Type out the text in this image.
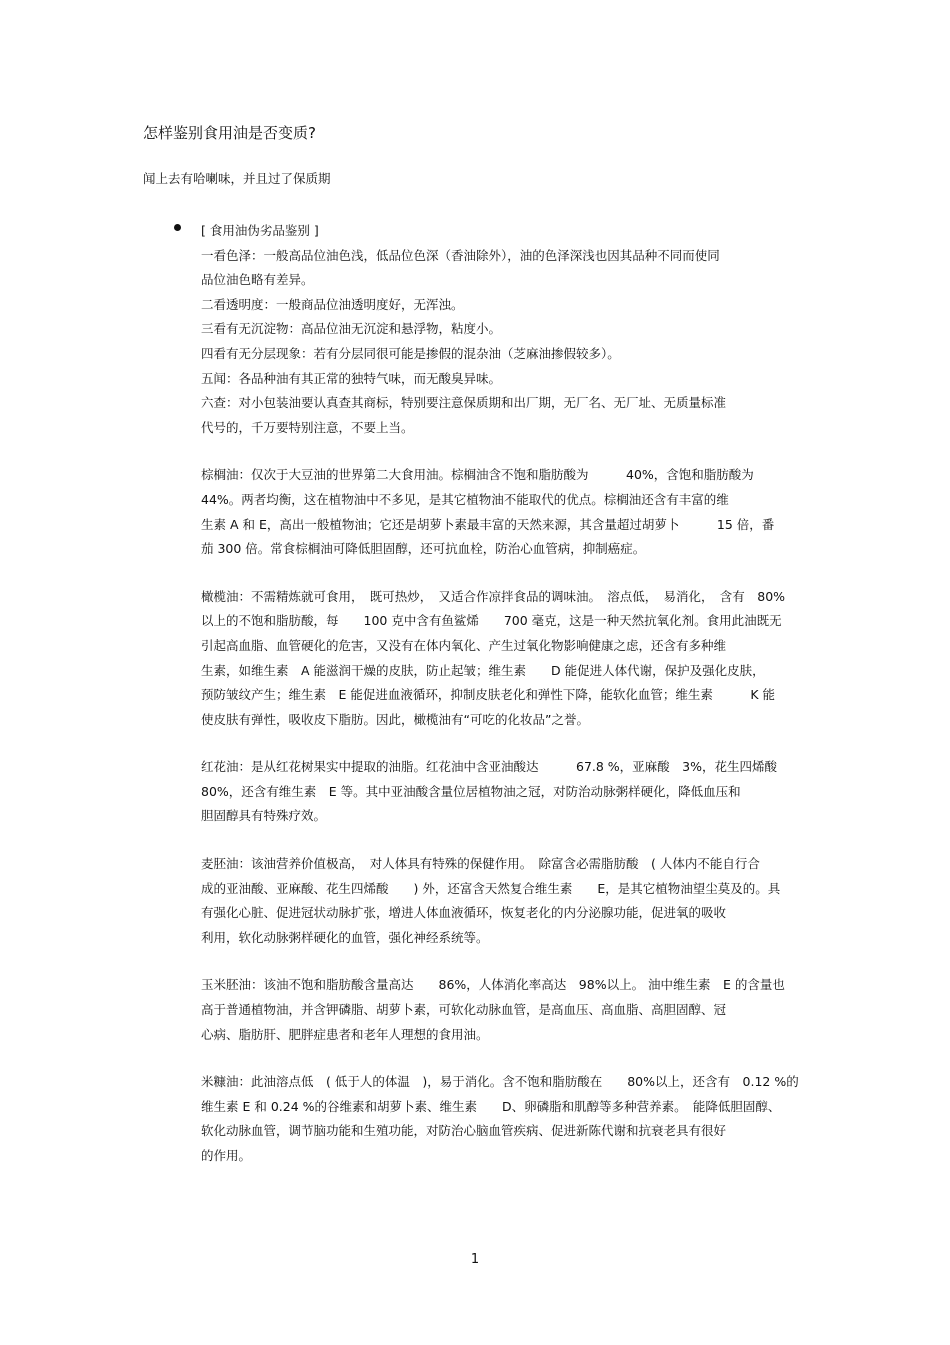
怎样鉴别食用油是否变质?
闻上去有哈喇味，并且过了保质期
[ 食用油伪劣品鉴别 ]
一看色泽：一般高品位油色浅，低品位色深（香油除外），油的色泽深浅也因其品种不同而使同
品位油色略有差异。
二看透明度：一般商品位油透明度好，无浑浊。
三看有无沉淀物：高品位油无沉淀和悬浮物，粘度小。
四看有无分层现象：若有分层同很可能是掺假的混杂油（芝麻油掺假较多）。
五闻：各品种油有其正常的独特气味，而无酸臭异味。
六查：对小包装油要认真查其商标，特别要注意保质期和出厂期，无厂名、无厂址、无质量标准
代号的，千万要特别注意，不要上当。
棕榈油：仅次于大豆油的世界第二大食用油。棕榈油含不饱和脂肪酸为　　　40%，含饱和脂肪酸为
44%。两者均衡，这在植物油中不多见，是其它植物油不能取代的优点。棕榈油还含有丰富的维
生素 A 和 E，高出一般植物油；它还是胡萝卜素最丰富的天然来源，其含量超过胡萝卜　　　15 倍，番
茄 300 倍。常食棕榈油可降低胆固醇，还可抗血栓，防治心血管病，抑制癌症。
橄榄油：不需精炼就可食用，　既可热炒，　又适合作凉拌食品的调味油。　溶点低，　易消化，　含有　80%
以上的不饱和脂肪酸，每　　100 克中含有鱼鲨烯　　700 毫克，这是一种天然抗氧化剂。食用此油既无
引起高血脂、血管硬化的危害，又没有在体内氧化、产生过氧化物影响健康之虑，还含有多种维
生素，如维生素　A 能滋润干燥的皮肤，防止起皱；维生素　　D 能促进人体代谢，保护及强化皮肤，
预防皱纹产生；维生素　E 能促进血液循环，抑制皮肤老化和弹性下降，能软化血管；维生素　　　K 能
使皮肤有弹性，吸收皮下脂肪。因此，橄榄油有“可吃的化妆品”之誉。
红花油：是从红花树果实中提取的油脂。红花油中含亚油酸达　　　67.8 %，亚麻酸　3%，花生四烯酸
80%，还含有维生素　E 等。其中亚油酸含量位居植物油之冠，对防治动脉粥样硬化，降低血压和
胆固醇具有特殊疗效。
麦胚油：该油营养价值极高，　对人体具有特殊的保健作用。　除富含必需脂肪酸　( 人体内不能自行合
成的亚油酸、亚麻酸、花生四烯酸　　) 外，还富含天然复合维生素　　E，是其它植物油望尘莫及的。具
有强化心脏、促进冠状动脉扩张，增进人体血液循环，恢复老化的内分泌腺功能，促进氧的吸收
利用，软化动脉粥样硬化的血管，强化神经系统等。
玉米胚油：该油不饱和脂肪酸含量高达　　86%，人体消化率高达　98%以上。 油中维生素　E 的含量也
高于普通植物油，并含钾磷脂、胡萝卜素，可软化动脉血管，是高血压、高血脂、高胆固醇、冠
心病、脂肪肝、肥胖症患者和老年人理想的食用油。
米糠油：此油溶点低　( 低于人的体温　)，易于消化。含不饱和脂肪酸在　　80%以上，还含有　0.12 %的
维生素 E 和 0.24 %的谷维素和胡萝卜素、维生素　　D、卵磷脂和肌醇等多种营养素。　能降低胆固醇、
软化动脉血管，调节脑功能和生殖功能，对防治心脑血管疾病、促进新陈代谢和抗衰老具有很好
的作用。
1
